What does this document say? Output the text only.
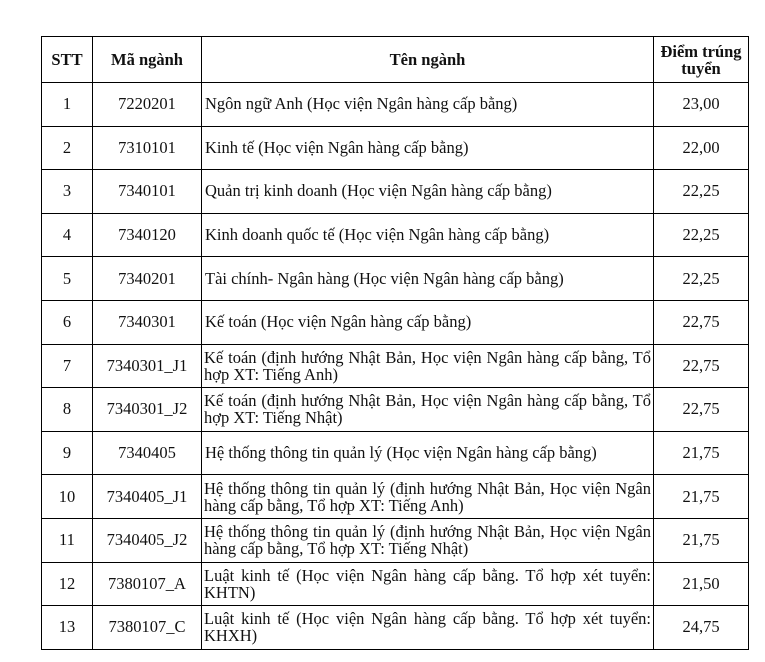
STT	Mã ngành	Tên ngành	Điểm trúng tuyển
1	7220201	Ngôn ngữ Anh (Học viện Ngân hàng cấp bằng)	23,00
2	7310101	Kinh tế (Học viện Ngân hàng cấp bằng)	22,00
3	7340101	Quản trị kinh doanh (Học viện Ngân hàng cấp bằng)	22,25
4	7340120	Kinh doanh quốc tế (Học viện Ngân hàng cấp bằng)	22,25
5	7340201	Tài chính- Ngân hàng (Học viện Ngân hàng cấp bằng)	22,25
6	7340301	Kế toán (Học viện Ngân hàng cấp bằng)	22,75
7	7340301_J1	Kế toán (định hướng Nhật Bản, Học viện Ngân hàng cấp bằng, Tổ hợp XT: Tiếng Anh)	22,75
8	7340301_J2	Kế toán (định hướng Nhật Bản, Học viện Ngân hàng cấp bằng, Tổ hợp XT: Tiếng Nhật)	22,75
9	7340405	Hệ thống thông tin quản lý (Học viện Ngân hàng cấp bằng)	21,75
10	7340405_J1	Hệ thống thông tin quản lý (định hướng Nhật Bản, Học viện Ngân hàng cấp bằng, Tổ hợp XT: Tiếng Anh)	21,75
11	7340405_J2	Hệ thống thông tin quản lý (định hướng Nhật Bản, Học viện Ngân hàng cấp bằng, Tổ hợp XT: Tiếng Nhật)	21,75
12	7380107_A	Luật kinh tế (Học viện Ngân hàng cấp bằng. Tổ hợp xét tuyển: KHTN)	21,50
13	7380107_C	Luật kinh tế (Học viện Ngân hàng cấp bằng. Tổ hợp xét tuyển: KHXH)	24,75
